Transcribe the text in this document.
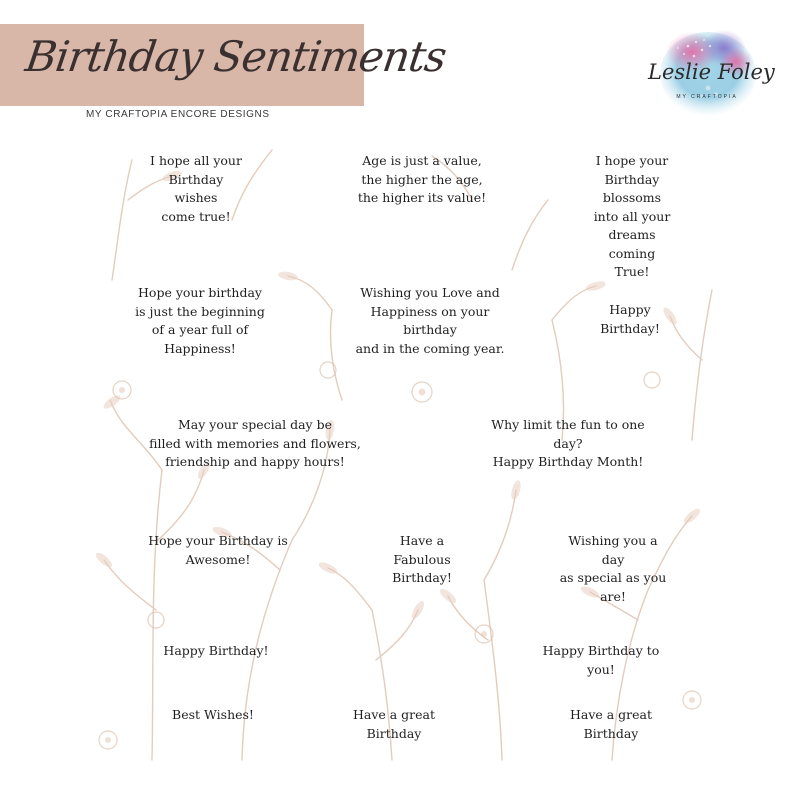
Birthday Sentiments
MY CRAFTOPIA ENCORE DESIGNS
Leslie Foley
MY CRAFTOPIA
I hope all your
Birthday
wishes
come true!
Age is just a value,
the higher the age,
the higher its value!
I hope your
Birthday
blossoms
into all your
dreams coming
True!
Hope your birthday
is just the beginning
of a year full of
Happiness!
Wishing you Love and
Happiness on your
birthday
and in the coming year.
Happy
Birthday!
May your special day be
filled with memories and flowers,
friendship and happy hours!
Why limit the fun to one day?
Happy Birthday Month!
Hope your Birthday is
Awesome!
Have a
Fabulous
Birthday!
Wishing you a day
as special as you are!
Happy Birthday!	Happy Birthday to you!
Best Wishes!	Have a great
Birthday
Have a great Birthday
